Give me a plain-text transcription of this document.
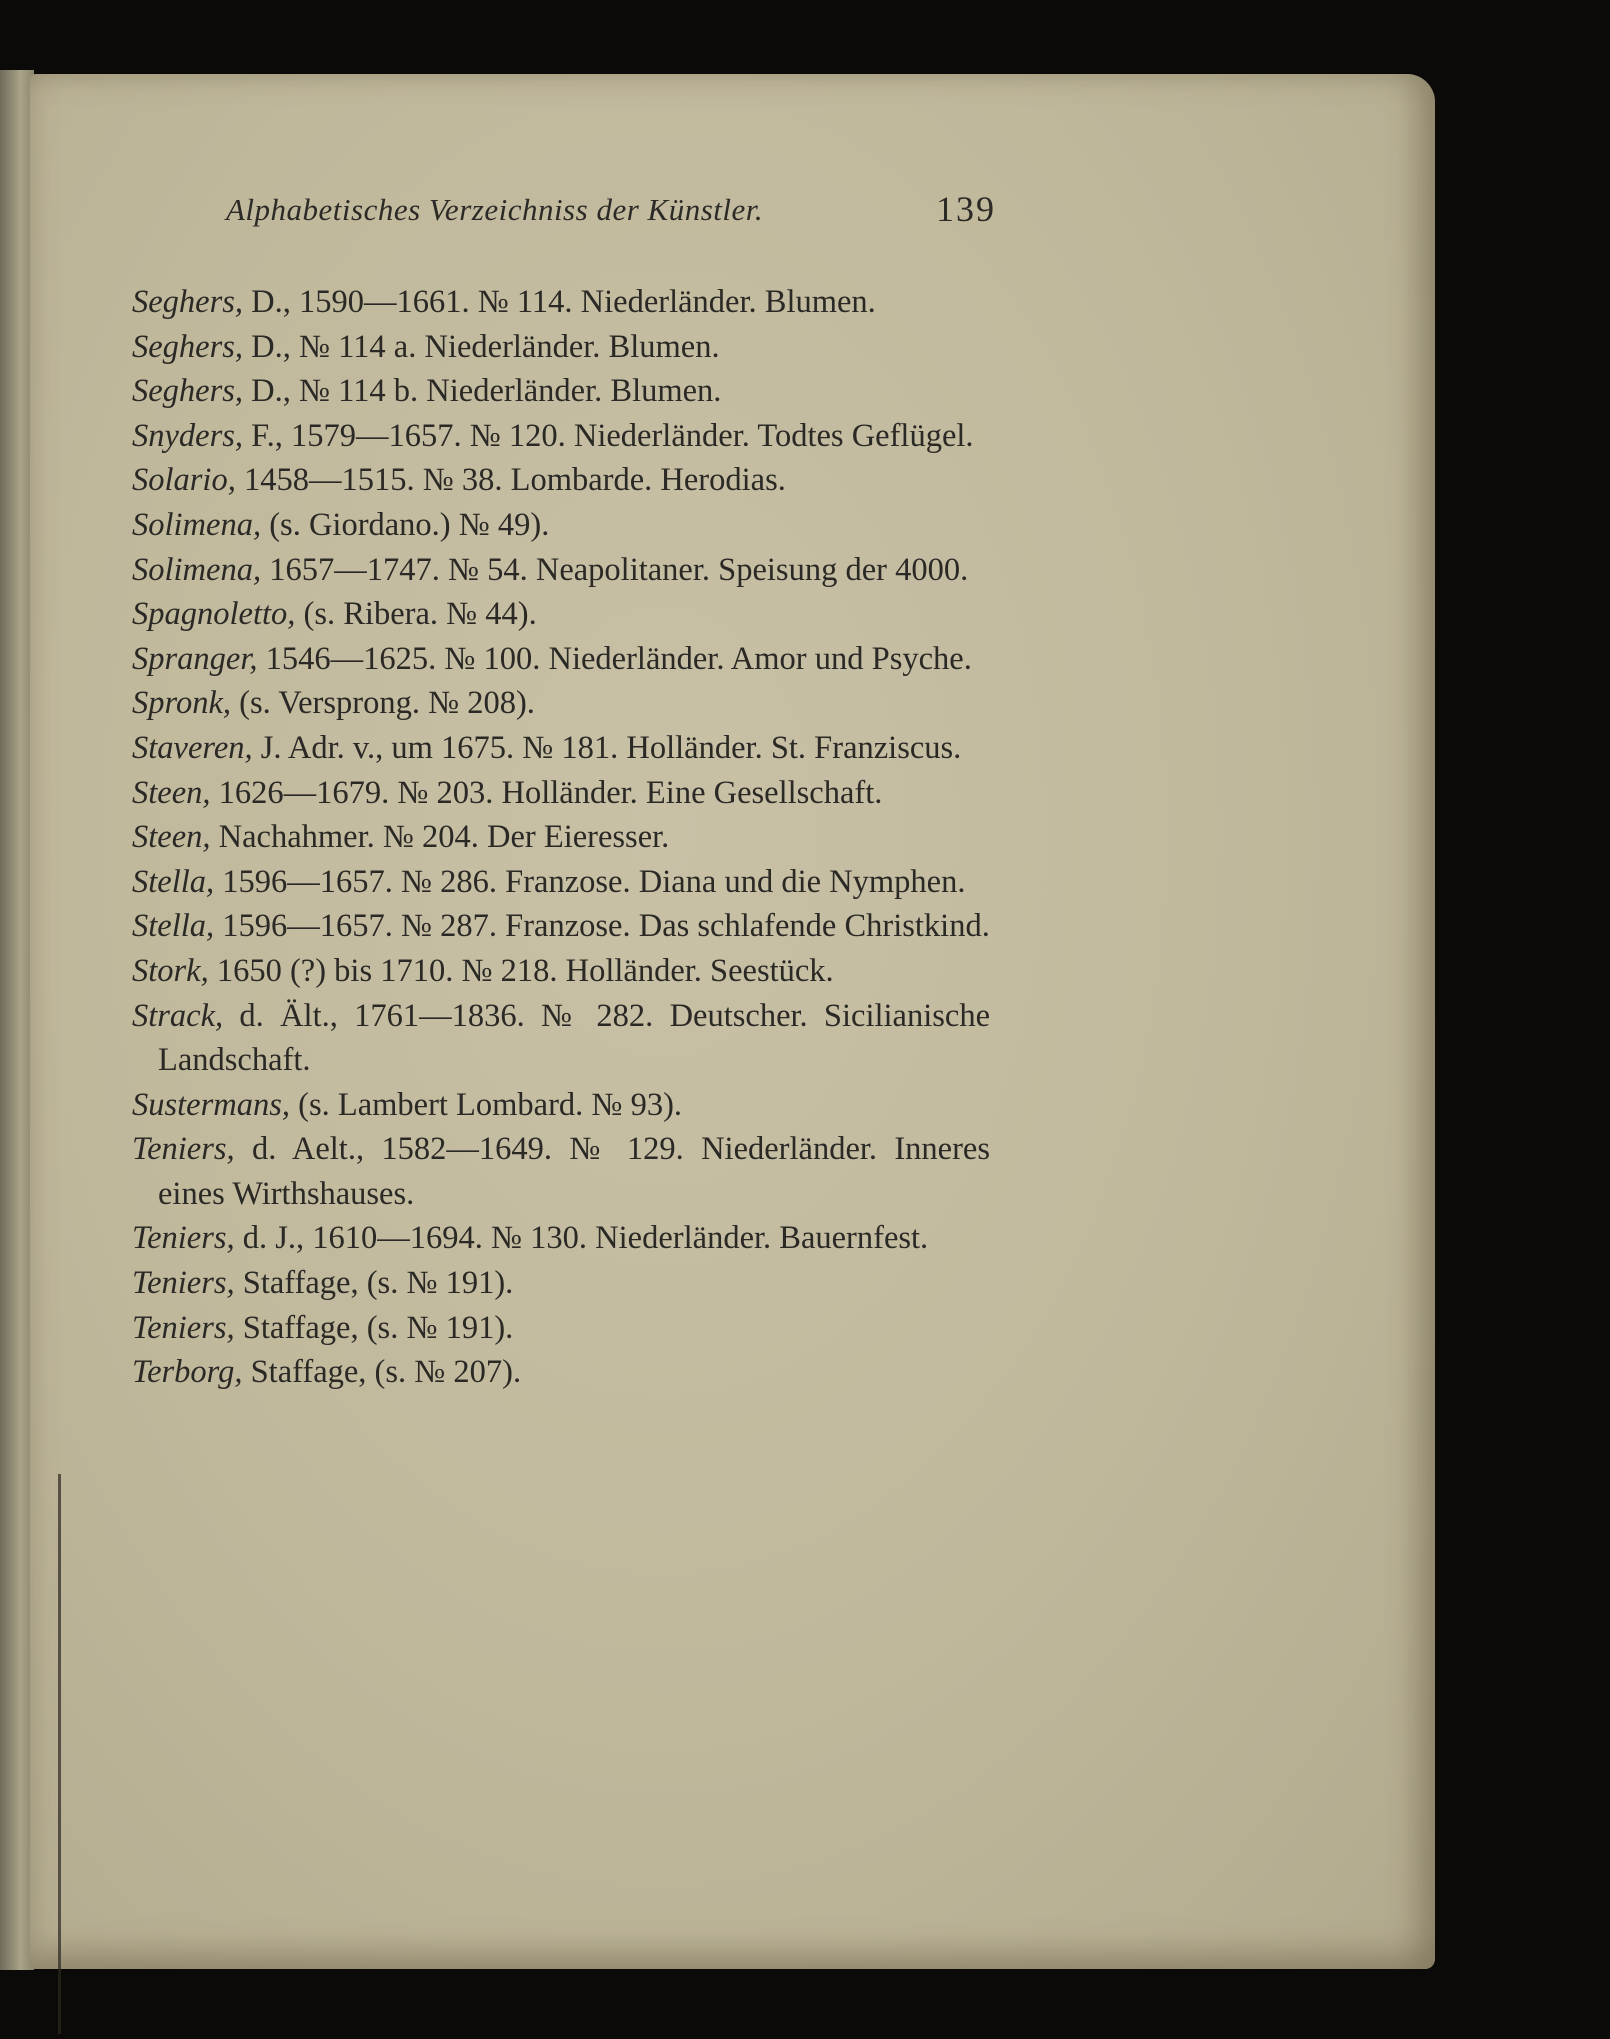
Alphabetisches Verzeichniss der Künstler.	139
Seghers, D., 1590—1661. № 114. Niederländer. Blumen.
Seghers, D., № 114 a. Niederländer. Blumen.
Seghers, D., № 114 b. Niederländer. Blumen.
Snyders, F., 1579—1657. № 120. Niederländer. Todtes Geflügel.
Solario, 1458—1515. № 38. Lombarde. Herodias.
Solimena, (s. Giordano.) № 49).
Solimena, 1657—1747. № 54. Neapolitaner. Speisung der 4000.
Spagnoletto, (s. Ribera. № 44).
Spranger, 1546—1625. № 100. Niederländer. Amor und Psyche.
Spronk, (s. Versprong. № 208).
Staveren, J. Adr. v., um 1675. № 181. Holländer. St. Franziscus.
Steen, 1626—1679. № 203. Holländer. Eine Gesellschaft.
Steen, Nachahmer. № 204. Der Eieresser.
Stella, 1596—1657. № 286. Franzose. Diana und die Nymphen.
Stella, 1596—1657. № 287. Franzose. Das schlafende Christkind.
Stork, 1650 (?) bis 1710. № 218. Holländer. Seestück.
Strack, d. Ält., 1761—1836. № 282. Deutscher. Sicilianische Landschaft.
Sustermans, (s. Lambert Lombard. № 93).
Teniers, d. Aelt., 1582—1649. № 129. Niederländer. Inneres eines Wirthshauses.
Teniers, d. J., 1610—1694. № 130. Niederländer. Bauernfest.
Teniers, Staffage, (s. № 191).
Teniers, Staffage, (s. № 191).
Terborg, Staffage, (s. № 207).
